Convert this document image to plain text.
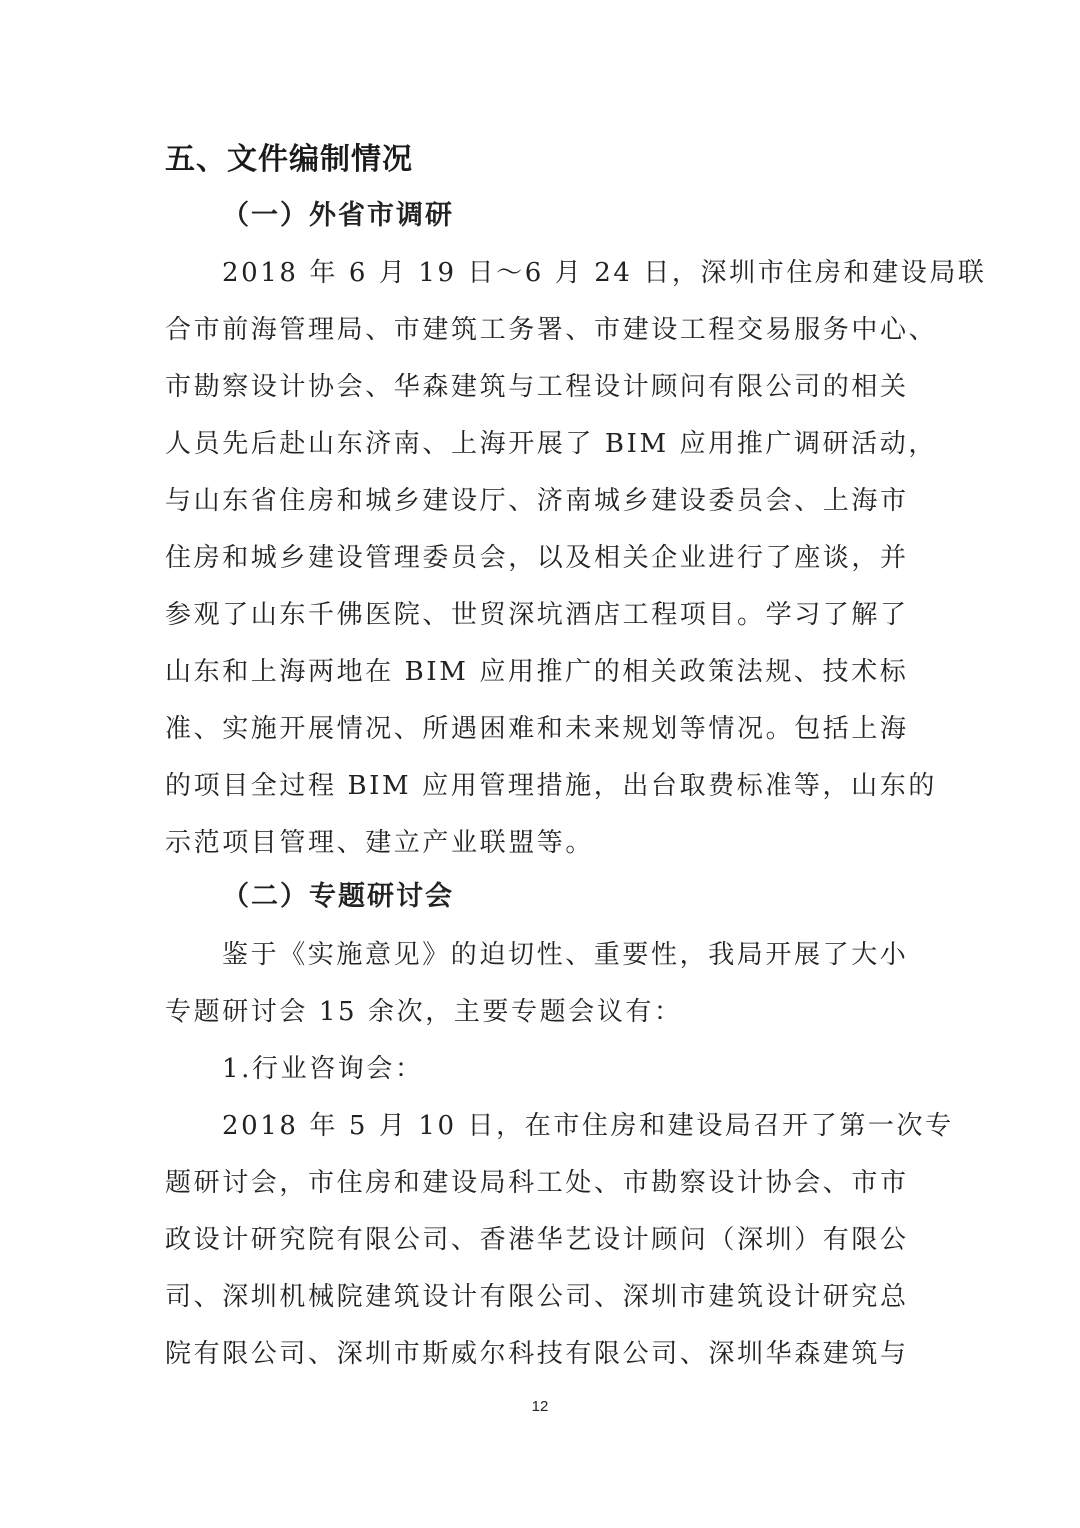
五、文件编制情况
（一）外省市调研

2018 年 6 月 19 日～6 月 24 日，深圳市住房和建设局联

合市前海管理局、市建筑工务署、市建设工程交易服务中心、

市勘察设计协会、华森建筑与工程设计顾问有限公司的相关

人员先后赴山东济南、上海开展了 BIM 应用推广调研活动，

与山东省住房和城乡建设厅、济南城乡建设委员会、上海市

住房和城乡建设管理委员会，以及相关企业进行了座谈，并

参观了山东千佛医院、世贸深坑酒店工程项目。学习了解了

山东和上海两地在 BIM 应用推广的相关政策法规、技术标

准、实施开展情况、所遇困难和未来规划等情况。包括上海

的项目全过程 BIM 应用管理措施，出台取费标准等，山东的

示范项目管理、建立产业联盟等。

（二）专题研讨会

鉴于《实施意见》的迫切性、重要性，我局开展了大小

专题研讨会 15 余次，主要专题会议有：

1.行业咨询会：

2018 年 5 月 10 日，在市住房和建设局召开了第一次专

题研讨会，市住房和建设局科工处、市勘察设计协会、市市

政设计研究院有限公司、香港华艺设计顾问（深圳）有限公

司、深圳机械院建筑设计有限公司、深圳市建筑设计研究总

院有限公司、深圳市斯威尔科技有限公司、深圳华森建筑与

12
